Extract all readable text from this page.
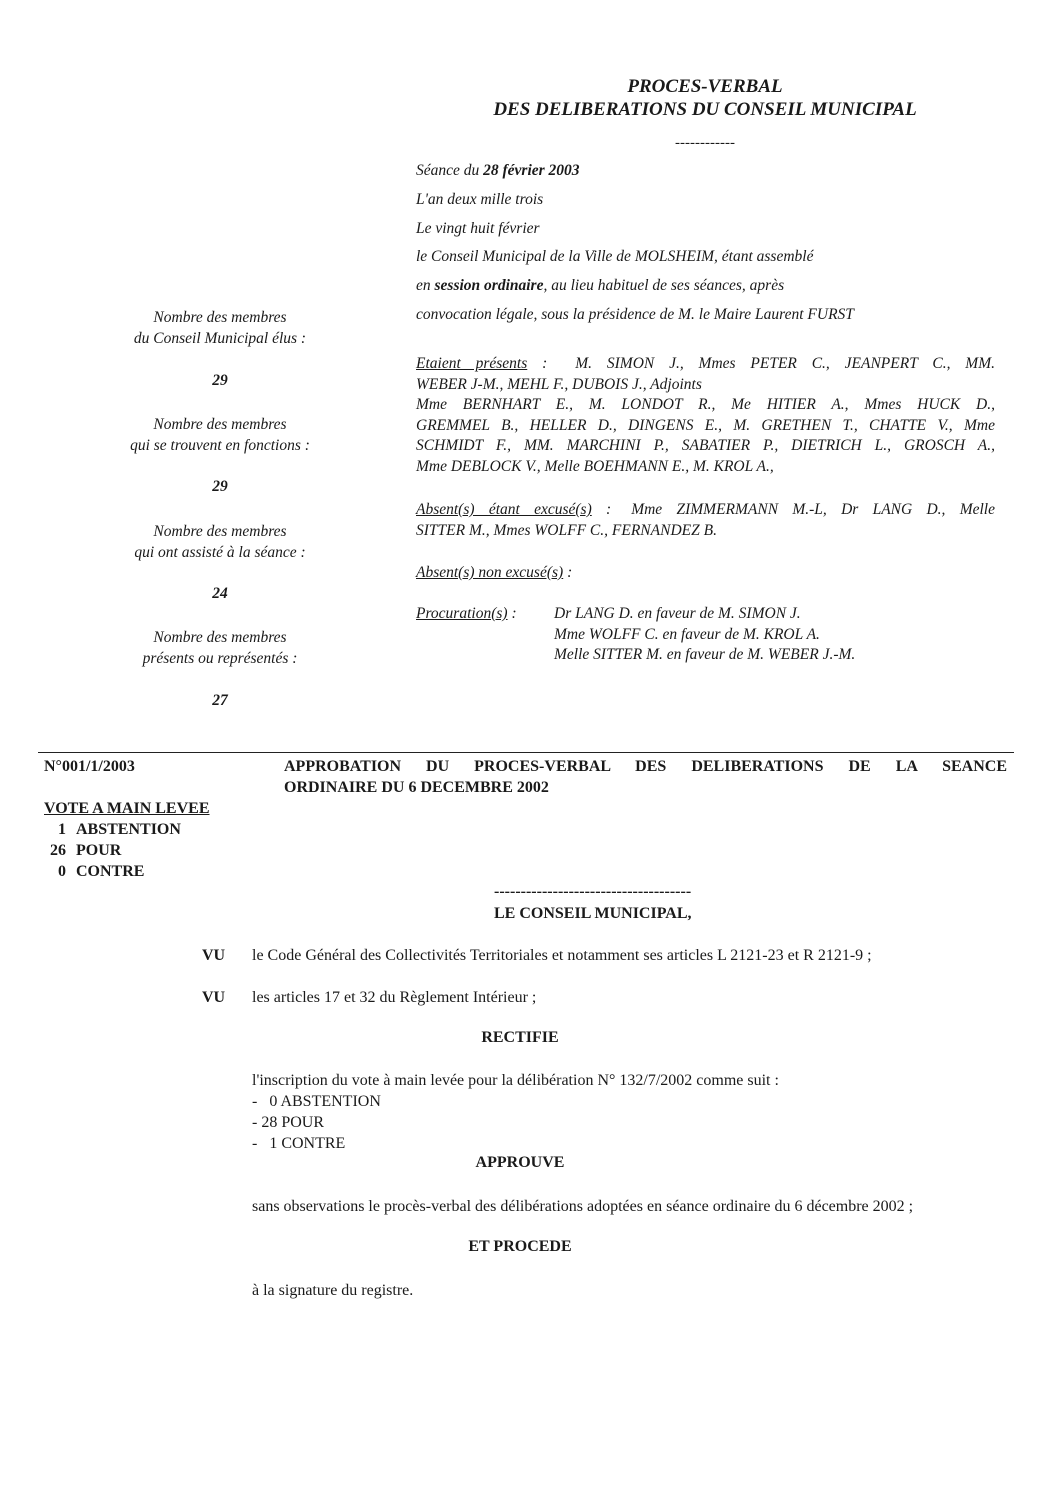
PROCES-VERBAL
DES DELIBERATIONS DU CONSEIL MUNICIPAL
------------
Séance du 28 février 2003
L'an deux mille trois
Le vingt huit février
le Conseil Municipal de la Ville de MOLSHEIM, étant assemblé
en session ordinaire, au lieu habituel de ses séances, après
convocation légale, sous la présidence de M. le Maire Laurent FURST
Nombre des membres
du Conseil Municipal élus :
29
Nombre des membres
qui se trouvent en fonctions :
29
Nombre des membres
qui ont assisté à la séance :
24
Nombre des membres
présents ou représentés :
27
Etaient présents : M. SIMON J., Mmes PETER C., JEANPERT C., MM.
WEBER J-M., MEHL F., DUBOIS J., Adjoints
Mme BERNHART E., M. LONDOT R., Me HITIER A., Mmes HUCK D.,
GREMMEL B., HELLER D., DINGENS E., M. GRETHEN T., CHATTE V., Mme
SCHMIDT F., MM. MARCHINI P., SABATIER P., DIETRICH L., GROSCH A.,
Mme DEBLOCK V., Melle BOEHMANN E., M. KROL A.,
Absent(s) étant excusé(s) : Mme ZIMMERMANN M.-L, Dr LANG D., Melle
SITTER M., Mmes WOLFF C., FERNANDEZ B.
Absent(s) non excusé(s) :
Procuration(s) :	Dr LANG D. en faveur de M. SIMON J.
Mme WOLFF C. en faveur de M. KROL A.
Melle SITTER M. en faveur de M. WEBER J.-M.
N°001/1/2003	APPROBATION DU PROCES-VERBAL DES DELIBERATIONS DE LA SEANCE
ORDINAIRE DU 6 DECEMBRE 2002
VOTE A MAIN LEVEE
1 ABSTENTION
26 POUR
0 CONTRE
-------------------------------------
LE CONSEIL MUNICIPAL,
VU le Code Général des Collectivités Territoriales et notamment ses articles L 2121-23 et R 2121-9 ;
VU les articles 17 et 32 du Règlement Intérieur ;
RECTIFIE
l'inscription du vote à main levée pour la délibération N° 132/7/2002 comme suit :
-   0 ABSTENTION
- 28 POUR
-   1 CONTRE
APPROUVE
sans observations le procès-verbal des délibérations adoptées en séance ordinaire du 6 décembre 2002 ;
ET PROCEDE
à la signature du registre.
